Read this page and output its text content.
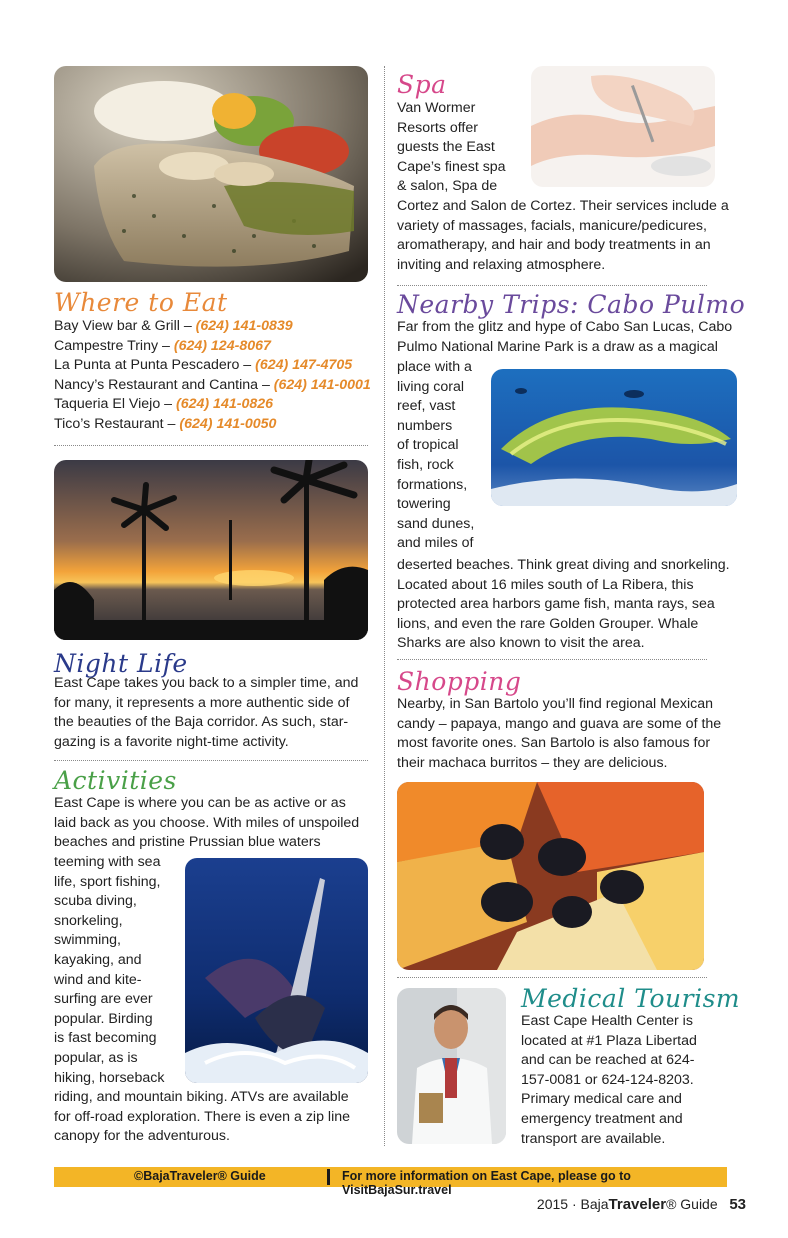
Where to Eat
Bay View bar & Grill – (624) 141-0839
Campestre Triny – (624) 124-8067
La Punta at Punta Pescadero – (624) 147-4705
Nancy’s Restaurant and Cantina – (624) 141-0001
Taqueria El Viejo – (624) 141-0826
Tico’s Restaurant – (624) 141-0050
Night Life
East Cape takes you back to a simpler time, and
for many, it represents a more authentic side of
the beauties of the Baja corridor. As such, star-
gazing is a favorite night-time activity.
Activities
East Cape is where you can be as active or as
laid back as you choose. With miles of unspoiled
beaches and pristine Prussian blue waters
teeming with sea
life, sport fishing,
scuba diving,
snorkeling,
swimming,
kayaking, and
wind and kite-
surfing are ever
popular. Birding
is fast becoming
popular, as is
hiking, horseback
riding, and mountain biking. ATVs are available
for off-road exploration. There is even a zip line
canopy for the adventurous.
Spa
Van Wormer
Resorts offer
guests the East
Cape’s finest spa
& salon, Spa de
Cortez and Salon de Cortez. Their services include a
variety of massages, facials, manicure/pedicures,
aromatherapy, and hair and body treatments in an
inviting and relaxing atmosphere.
Nearby Trips: Cabo Pulmo
Far from the glitz and hype of Cabo San Lucas, Cabo
Pulmo National Marine Park is a draw as a magical
place with a
living coral
reef, vast
numbers
of tropical
fish, rock
formations,
towering
sand dunes,
and miles of
deserted beaches. Think great diving and snorkeling.
Located about 16 miles south of La Ribera, this
protected area harbors game fish, manta rays, sea
lions, and even the rare Golden Grouper. Whale
Sharks are also known to visit the area.
Shopping
Nearby, in San Bartolo you’ll find regional Mexican
candy – papaya, mango and guava are some of the
most favorite ones. San Bartolo is also famous for
their machaca burritos – they are delicious.
Medical Tourism
East Cape Health Center is
located at #1 Plaza Libertad
and can be reached at 624-
157-0081 or 624-124-8203.
Primary medical care and
emergency treatment and
transport are available.
©BajaTraveler® Guide	For more information on East Cape, please go to VisitBajaSur.travel
2015 · BajaTraveler® Guide 53
